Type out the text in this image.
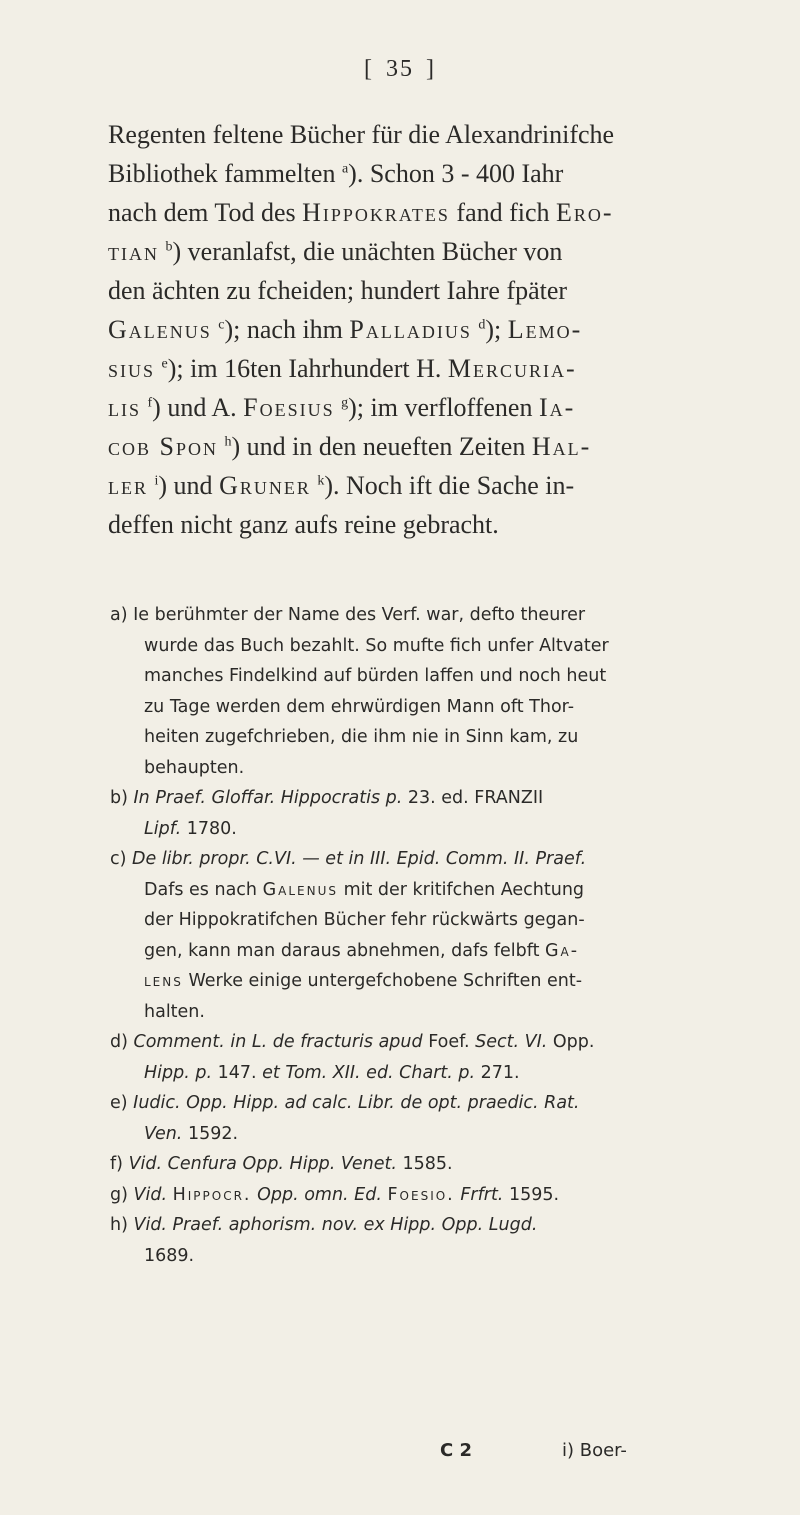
[ 35 ]
Regenten feltene Bücher für die Alexandrinifche
Bibliothek fammelten $^a$). Schon 3 - 400 Iahr
nach dem Tod des Hippokrates fand fich Ero-
tian $^b$) veranlafst, die unächten Bücher von
den ächten zu fcheiden; hundert Iahre fpäter
Galenus $^c$); nach ihm Palladius $^d$); Lemo-
sius $^e$); im 16ten Iahrhundert H. Mercuria-
lis $^f$) und A. Foesius $^g$); im verfloffenen Ia-
cob Spon $^h$) und in den neueften Zeiten Hal-
ler $^i$) und Gruner $^k$). Noch ift die Sache in-
deffen nicht ganz aufs reine gebracht.
a) Ie berühmter der Name des Verf. war, defto theurer
wurde das Buch bezahlt. So mufte fich unfer Altvater
manches Findelkind auf bürden laffen und noch heut
zu Tage werden dem ehrwürdigen Mann oft Thor-
heiten zugefchrieben, die ihm nie in Sinn kam, zu
behaupten.
b) In Praef. Gloffar. Hippocratis p. 23. ed. FRANZII
Lipf. 1780.
c) De libr. propr. C.VI. — et in III. Epid. Comm. II. Praef.
Dafs es nach Galenus mit der kritifchen Aechtung
der Hippokratifchen Bücher fehr rückwärts gegan-
gen, kann man daraus abnehmen, dafs felbft Ga-
lens Werke einige untergefchobene Schriften ent-
halten.
d) Comment. in L. de fracturis apud Foef. Sect. VI. Opp.
Hipp. p. 147. et Tom. XII. ed. Chart. p. 271.
e) Iudic. Opp. Hipp. ad calc. Libr. de opt. praedic. Rat.
Ven. 1592.
f) Vid. Cenfura Opp. Hipp. Venet. 1585.
g) Vid. Hippocr. Opp. omn. Ed. Foesio. Frfrt. 1595.
h) Vid. Praef. aphorism. nov. ex Hipp. Opp. Lugd.
1689.
C 2	i) Boer-
